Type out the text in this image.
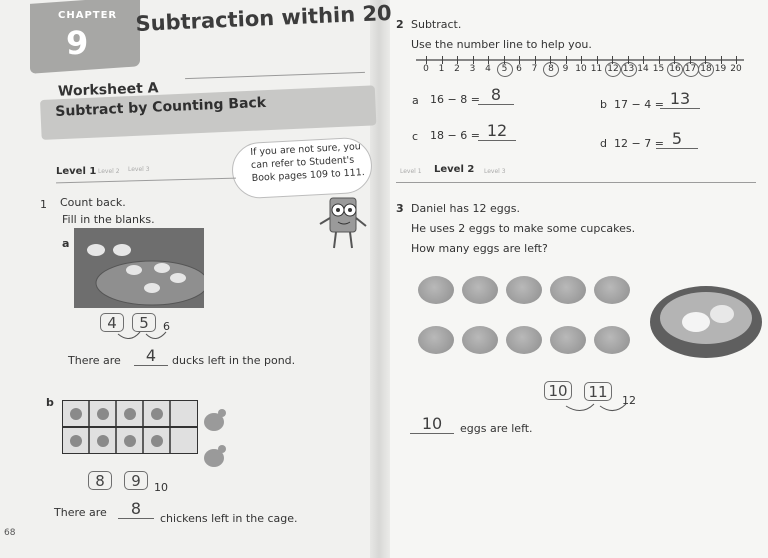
CHAPTER
9
Subtraction within 20
Worksheet A
Subtract by Counting Back
If you are not sure, you can refer to Student's Book pages 109 to 111.
Level 1 Level 2 Level 3
1 Count back.
Fill in the blanks.
a
4	5	6
There are	4	ducks left in the pond.
b
8	9	10
There are	8
chickens left in the cage.
68
2 Subtract.
Use the number line to help you.
0	1	2	3	4	5 6	7	8 9 10 11 12 13 14 15 16 17 18 19 20
a 16 − 8 = 8
b 17 − 4 = 13
c 18 − 6 = 12
d 12 − 7 = 5
Level 1 Level 2 Level 3
3 Daniel has 12 eggs.
He uses 2 eggs to make some cupcakes.
How many eggs are left?
10 11	12
10	eggs are left.
